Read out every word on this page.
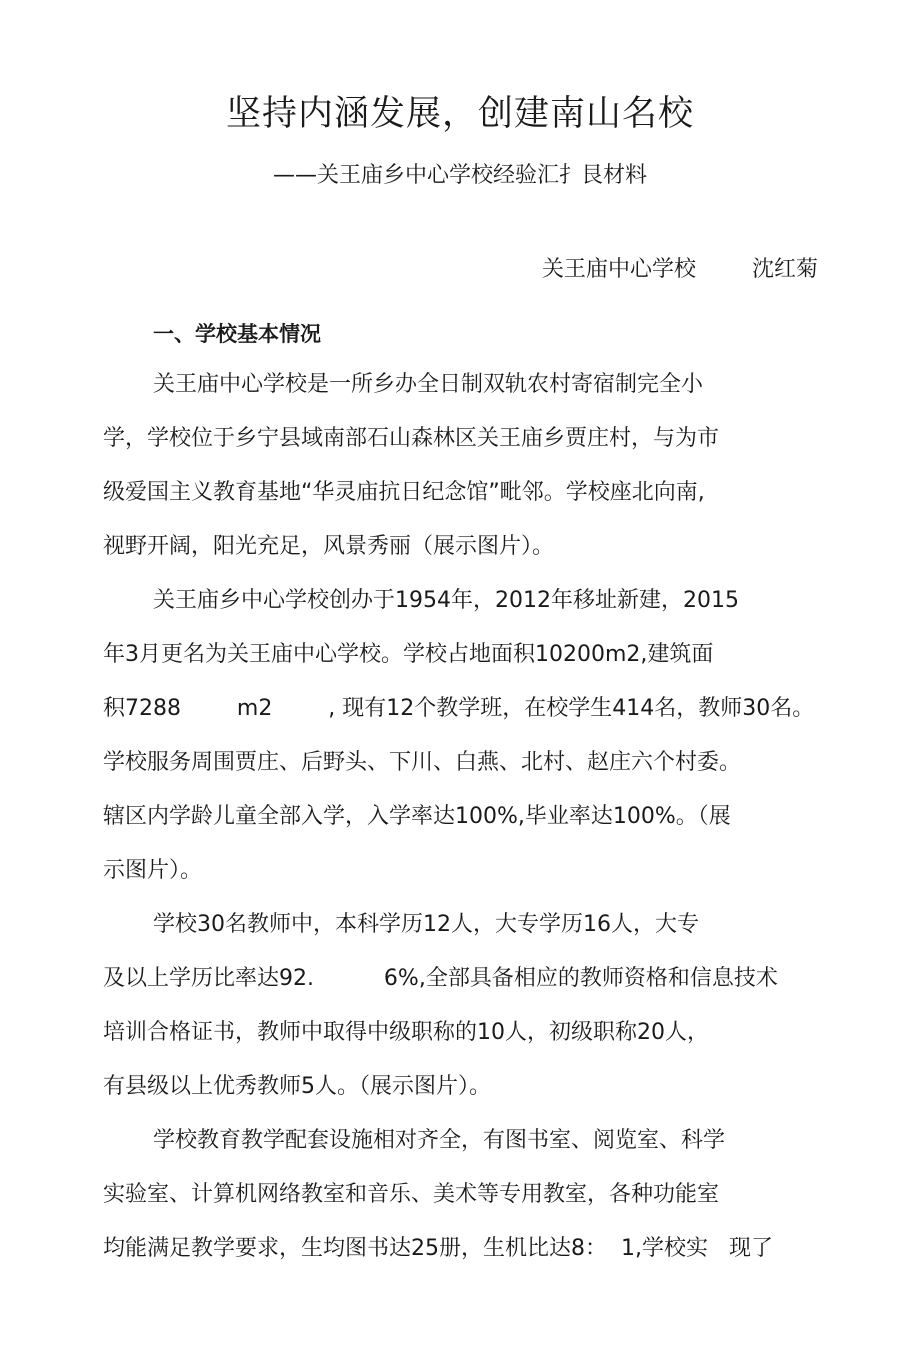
坚持内涵发展，创建南山名校
——关王庙乡中心学校经验汇扌艮材料
关王庙中心学校        沈红菊
一、学校基本情况
关王庙中心学校是一所乡办全日制双轨农村寄宿制完全小
学，学校位于乡宁县域南部石山森林区关王庙乡贾庄村，与为市
级爱国主义教育基地“华灵庙抗日纪念馆”毗邻。学校座北向南,
视野开阔，阳光充足，风景秀丽（展示图片）。
关王庙乡中心学校创办于1954年，2012年移址新建，2015
年3月更名为关王庙中心学校。学校占地面积10200m2,建筑面
积7288        m2        , 现有12个教学班，在校学生414名，教师30名。
学校服务周围贾庄、后野头、下川、白燕、北村、赵庄六个村委。
辖区内学龄儿童全部入学，入学率达100%,毕业率达100%。（展
示图片）。
学校30名教师中，本科学历12人，大专学历16人，大专
及以上学历比率达92.          6%,全部具备相应的教师资格和信息技术
培训合格证书，教师中取得中级职称的10人，初级职称20人，
有县级以上优秀教师5人。（展示图片）。
学校教育教学配套设施相对齐全，有图书室、阅览室、科学
实验室、计算机网络教室和音乐、美术等专用教室，各种功能室
均能满足教学要求，生均图书达25册，生机比达8：  1,学校实   现了
